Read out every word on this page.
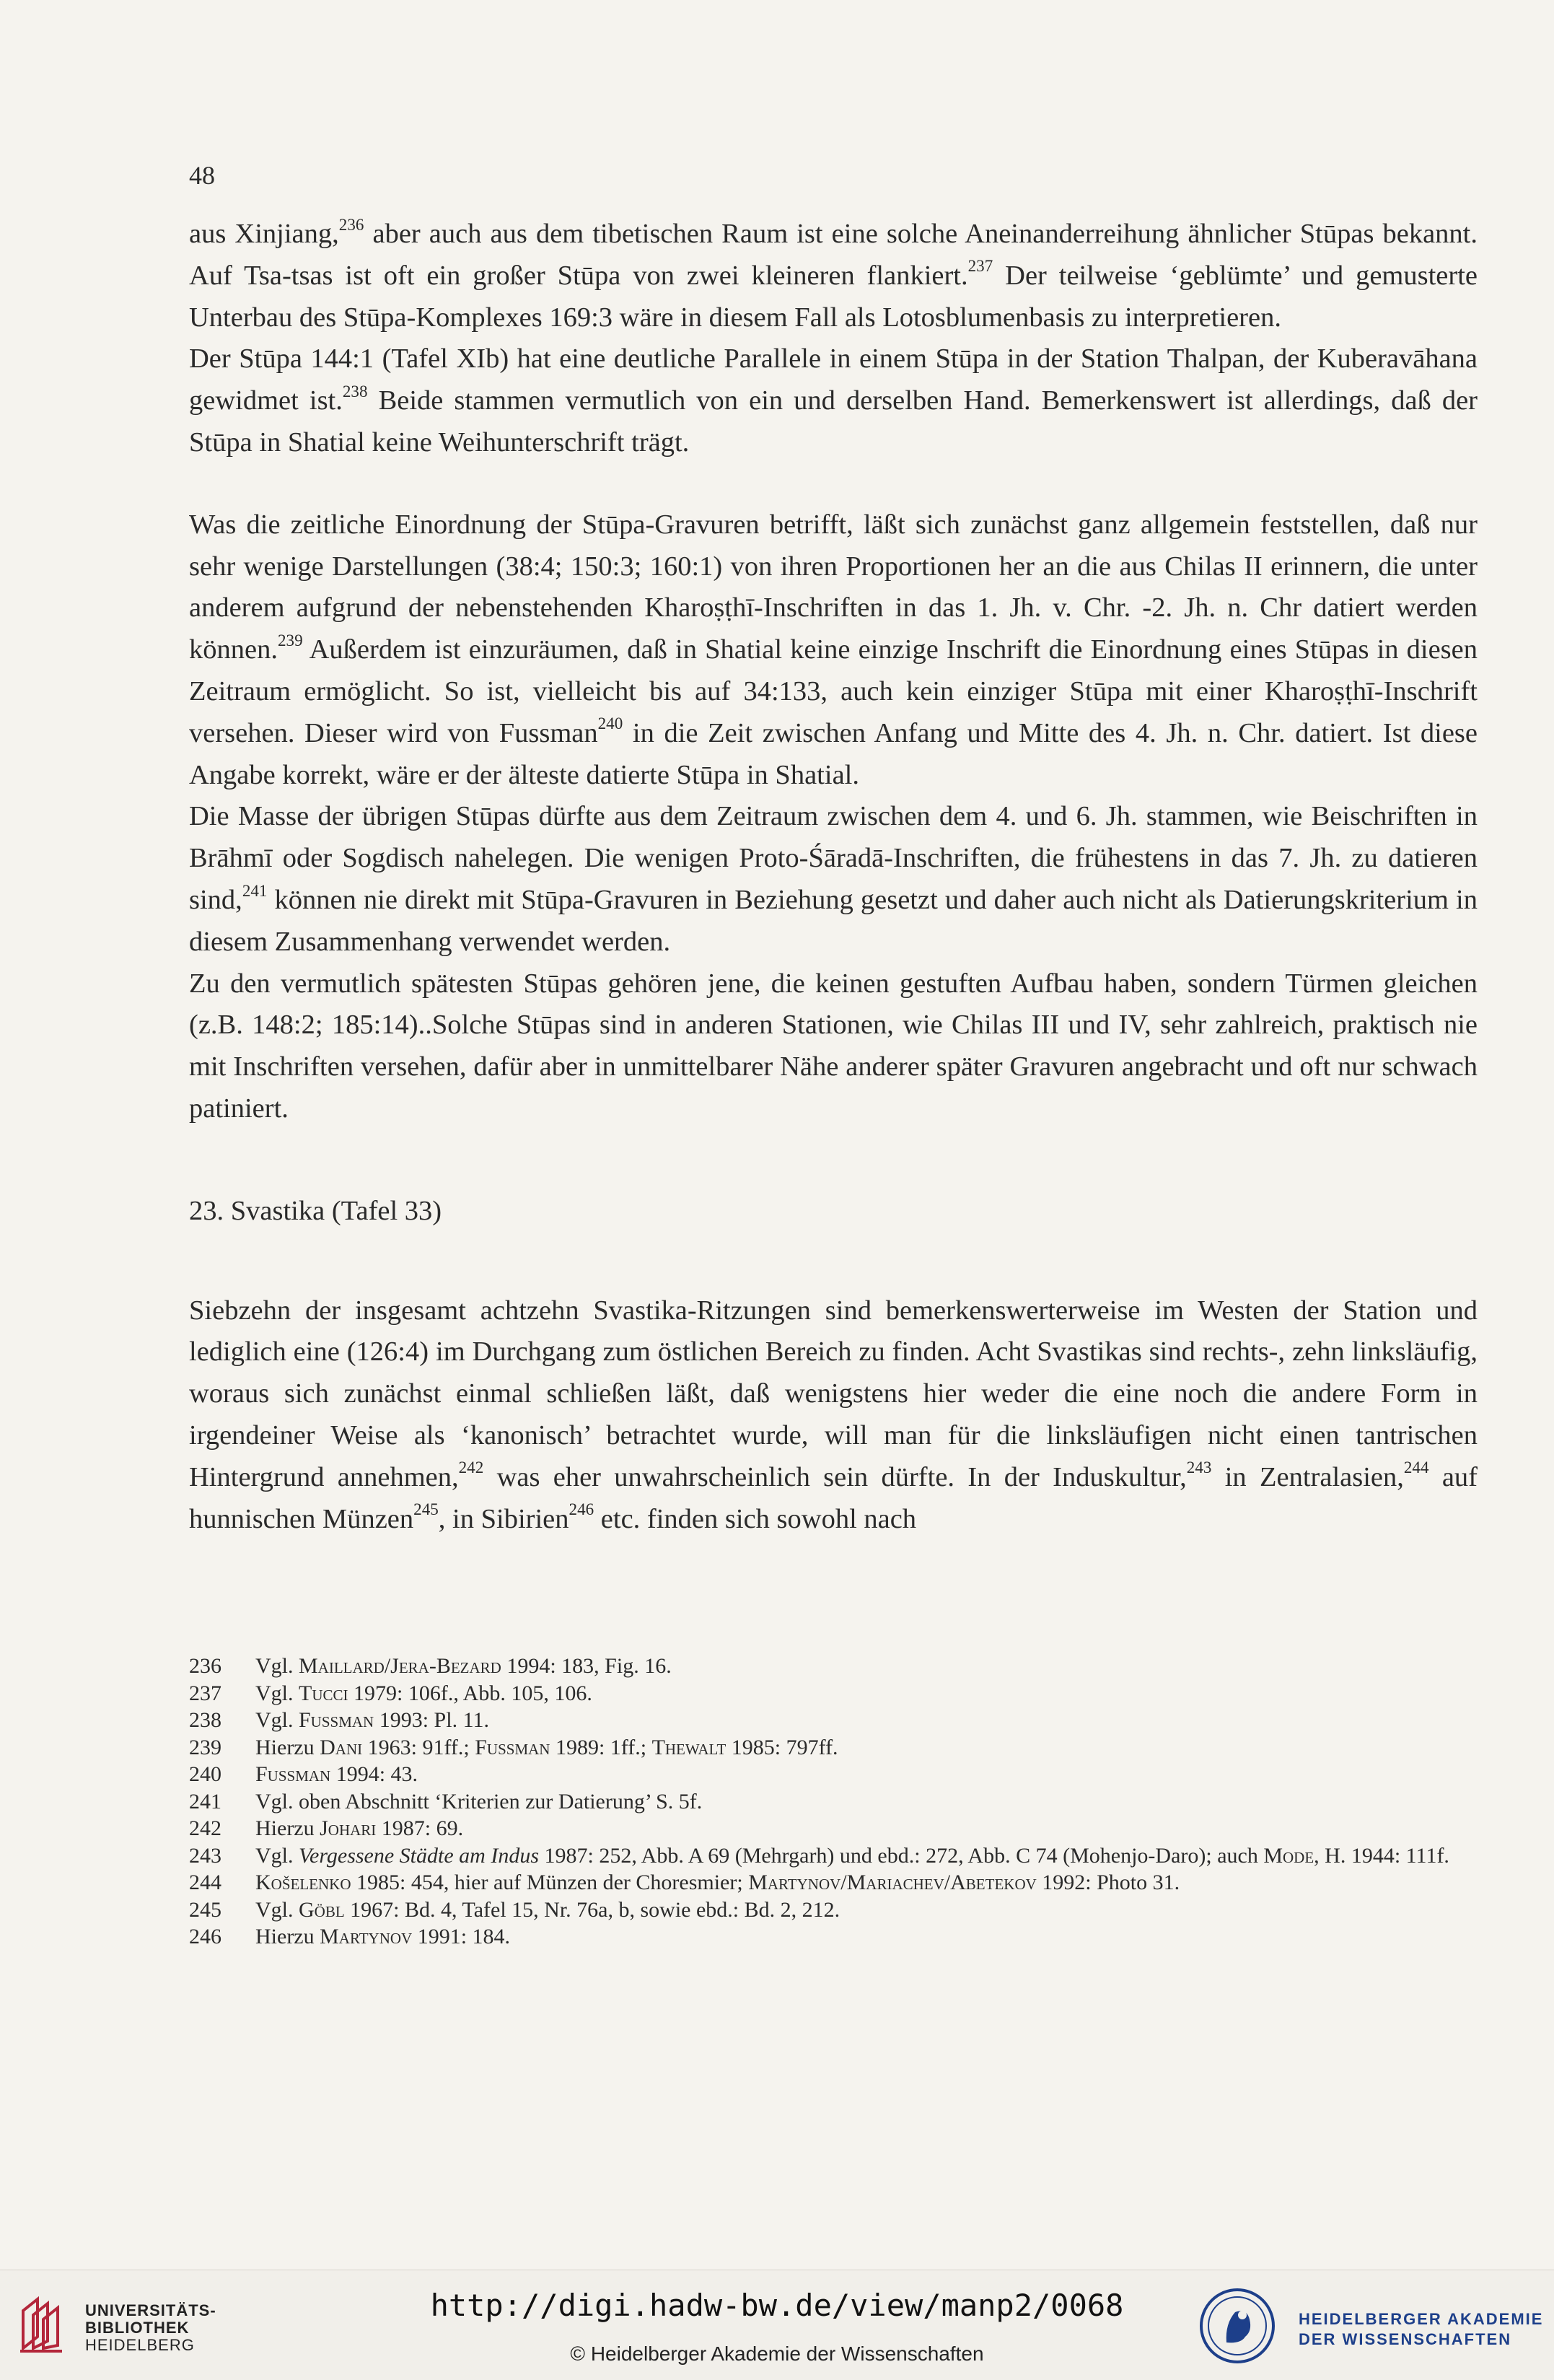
48

aus Xinjiang,$^{236}$ aber auch aus dem tibetischen Raum ist eine solche Aneinanderreihung ähnlicher Stūpas bekannt. Auf Tsa-tsas ist oft ein großer Stūpa von zwei kleineren flankiert.$^{237}$ Der teilweise ‘geblümte’ und gemusterte Unterbau des Stūpa-Komplexes 169:3 wäre in diesem Fall als Lotosblumenbasis zu interpretieren.

Der Stūpa 144:1 (Tafel XIb) hat eine deutliche Parallele in einem Stūpa in der Station Thalpan, der Kuberavāhana gewidmet ist.$^{238}$ Beide stammen vermutlich von ein und derselben Hand. Bemerkenswert ist allerdings, daß der Stūpa in Shatial keine Weihunterschrift trägt.

Was die zeitliche Einordnung der Stūpa-Gravuren betrifft, läßt sich zunächst ganz allgemein feststellen, daß nur sehr wenige Darstellungen (38:4; 150:3; 160:1) von ihren Proportionen her an die aus Chilas II erinnern, die unter anderem aufgrund der nebenstehenden Kharoṣṭhī-Inschriften in das 1. Jh. v. Chr. -2. Jh. n. Chr datiert werden können.$^{239}$ Außerdem ist einzuräumen, daß in Shatial keine einzige Inschrift die Einordnung eines Stūpas in diesen Zeitraum ermöglicht. So ist, vielleicht bis auf 34:133, auch kein einziger Stūpa mit einer Kharoṣṭhī-Inschrift versehen. Dieser wird von Fussman$^{240}$ in die Zeit zwischen Anfang und Mitte des 4. Jh. n. Chr. datiert. Ist diese Angabe korrekt, wäre er der älteste datierte Stūpa in Shatial.

Die Masse der übrigen Stūpas dürfte aus dem Zeitraum zwischen dem 4. und 6. Jh. stammen, wie Beischriften in Brāhmī oder Sogdisch nahelegen. Die wenigen Proto-Śāradā-Inschriften, die frühestens in das 7. Jh. zu datieren sind,$^{241}$ können nie direkt mit Stūpa-Gravuren in Beziehung gesetzt und daher auch nicht als Datierungskriterium in diesem Zusammenhang verwendet werden.

Zu den vermutlich spätesten Stūpas gehören jene, die keinen gestuften Aufbau haben, sondern Türmen gleichen (z.B. 148:2; 185:14)..Solche Stūpas sind in anderen Stationen, wie Chilas III und IV, sehr zahlreich, praktisch nie mit Inschriften versehen, dafür aber in unmittelbarer Nähe anderer später Gravuren angebracht und oft nur schwach patiniert.

23. Svastika (Tafel 33)

Siebzehn der insgesamt achtzehn Svastika-Ritzungen sind bemerkenswerterweise im Westen der Station und lediglich eine (126:4) im Durchgang zum östlichen Bereich zu finden. Acht Svastikas sind rechts-, zehn linksläufig, woraus sich zunächst einmal schließen läßt, daß wenigstens hier weder die eine noch die andere Form in irgendeiner Weise als ‘kanonisch’ betrachtet wurde, will man für die linksläufigen nicht einen tantrischen Hintergrund annehmen,$^{242}$ was eher unwahrscheinlich sein dürfte. In der Induskultur,$^{243}$ in Zentralasien,$^{244}$ auf hunnischen Münzen$^{245}$, in Sibirien$^{246}$ etc. finden sich sowohl nach

236	Vgl. Maillard/Jera-Bezard 1994: 183, Fig. 16.
237	Vgl. Tucci 1979: 106f., Abb. 105, 106.
238	Vgl. Fussman 1993: Pl. 11.
239	Hierzu Dani 1963: 91ff.; Fussman 1989: 1ff.; Thewalt 1985: 797ff.
240	Fussman 1994: 43.
241	Vgl. oben Abschnitt ‘Kriterien zur Datierung’ S. 5f.
242	Hierzu Johari 1987: 69.
243	Vgl. Vergessene Städte am Indus 1987: 252, Abb. A 69 (Mehrgarh) und ebd.: 272, Abb. C 74 (Mohenjo-Daro); auch Mode, H. 1944: 111f.
244	Košelenko 1985: 454, hier auf Münzen der Choresmier; Martynov/Mariachev/Abetekov 1992: Photo 31.
245	Vgl. Göbl 1967: Bd. 4, Tafel 15, Nr. 76a, b, sowie ebd.: Bd. 2, 212.
246	Hierzu Martynov 1991: 184.
UNIVERSITÄTS-
BIBLIOTHEK
HEIDELBERG
http://digi.hadw-bw.de/view/manp2/0068
© Heidelberger Akademie der Wissenschaften
HEIDELBERGER AKADEMIE
DER WISSENSCHAFTEN
